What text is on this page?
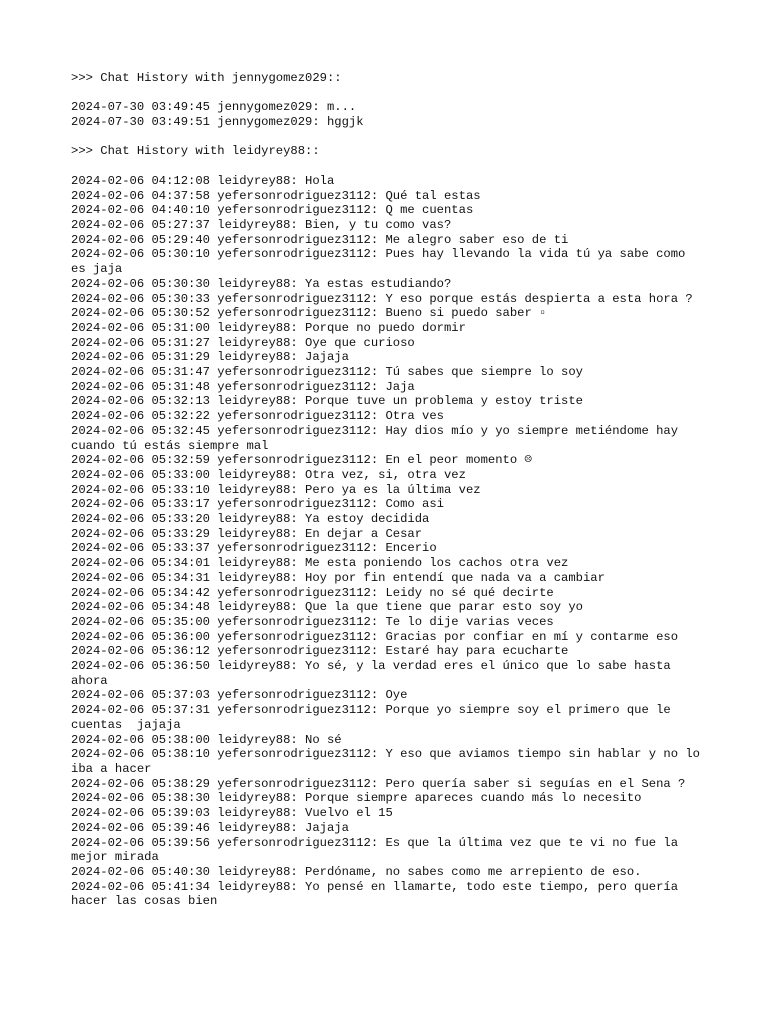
>>> Chat History with jennygomez029::
2024-07-30 03:49:45 jennygomez029: m...
2024-07-30 03:49:51 jennygomez029: hggjk
>>> Chat History with leidyrey88::
2024-02-06 04:12:08 leidyrey88: Hola
2024-02-06 04:37:58 yefersonrodriguez3112: Qué tal estas
2024-02-06 04:40:10 yefersonrodriguez3112: Q me cuentas
2024-02-06 05:27:37 leidyrey88: Bien, y tu como vas?
2024-02-06 05:29:40 yefersonrodriguez3112: Me alegro saber eso de ti
2024-02-06 05:30:10 yefersonrodriguez3112: Pues hay llevando la vida tú ya sabe como es jaja
2024-02-06 05:30:30 leidyrey88: Ya estas estudiando?
2024-02-06 05:30:33 yefersonrodriguez3112: Y eso porque estás despierta a esta hora ?
2024-02-06 05:30:52 yefersonrodriguez3112: Bueno si puedo saber ▫
2024-02-06 05:31:00 leidyrey88: Porque no puedo dormir
2024-02-06 05:31:27 leidyrey88: Oye que curioso
2024-02-06 05:31:29 leidyrey88: Jajaja
2024-02-06 05:31:47 yefersonrodriguez3112: Tú sabes que siempre lo soy
2024-02-06 05:31:48 yefersonrodriguez3112: Jaja
2024-02-06 05:32:13 leidyrey88: Porque tuve un problema y estoy triste
2024-02-06 05:32:22 yefersonrodriguez3112: Otra ves
2024-02-06 05:32:45 yefersonrodriguez3112: Hay dios mío y yo siempre metiéndome hay cuando tú estás siempre mal
2024-02-06 05:32:59 yefersonrodriguez3112: En el peor momento ☹
2024-02-06 05:33:00 leidyrey88: Otra vez, si, otra vez
2024-02-06 05:33:10 leidyrey88: Pero ya es la última vez
2024-02-06 05:33:17 yefersonrodriguez3112: Como asi
2024-02-06 05:33:20 leidyrey88: Ya estoy decidida
2024-02-06 05:33:29 leidyrey88: En dejar a Cesar
2024-02-06 05:33:37 yefersonrodriguez3112: Encerio
2024-02-06 05:34:01 leidyrey88: Me esta poniendo los cachos otra vez
2024-02-06 05:34:31 leidyrey88: Hoy por fin entendí que nada va a cambiar
2024-02-06 05:34:42 yefersonrodriguez3112: Leidy no sé qué decirte
2024-02-06 05:34:48 leidyrey88: Que la que tiene que parar esto soy yo
2024-02-06 05:35:00 yefersonrodriguez3112: Te lo dije varias veces
2024-02-06 05:36:00 yefersonrodriguez3112: Gracias por confiar en mí y contarme eso
2024-02-06 05:36:12 yefersonrodriguez3112: Estaré hay para ecucharte
2024-02-06 05:36:50 leidyrey88: Yo sé, y la verdad eres el único que lo sabe hasta ahora
2024-02-06 05:37:03 yefersonrodriguez3112: Oye
2024-02-06 05:37:31 yefersonrodriguez3112: Porque yo siempre soy el primero que le cuentas  jajaja
2024-02-06 05:38:00 leidyrey88: No sé
2024-02-06 05:38:10 yefersonrodriguez3112: Y eso que aviamos tiempo sin hablar y no lo iba a hacer
2024-02-06 05:38:29 yefersonrodriguez3112: Pero quería saber si seguías en el Sena ?
2024-02-06 05:38:30 leidyrey88: Porque siempre apareces cuando más lo necesito
2024-02-06 05:39:03 leidyrey88: Vuelvo el 15
2024-02-06 05:39:46 leidyrey88: Jajaja
2024-02-06 05:39:56 yefersonrodriguez3112: Es que la última vez que te vi no fue la mejor mirada
2024-02-06 05:40:30 leidyrey88: Perdóname, no sabes como me arrepiento de eso.
2024-02-06 05:41:34 leidyrey88: Yo pensé en llamarte, todo este tiempo, pero quería hacer las cosas bien
